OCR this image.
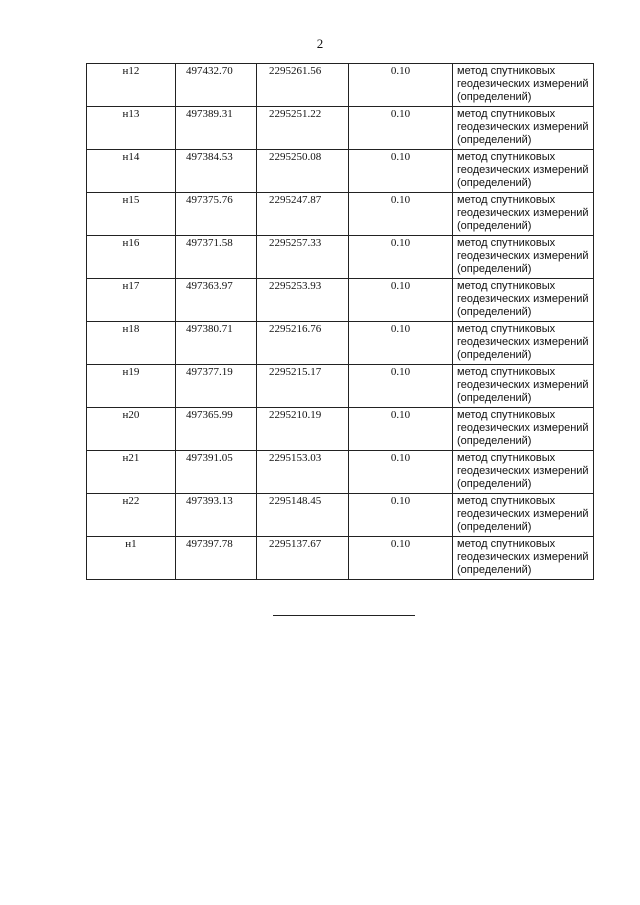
2
н12	497432.70	2295261.56	0.10	метод спутниковых геодезических измерений (определений)
н13	497389.31	2295251.22	0.10	метод спутниковых геодезических измерений (определений)
н14	497384.53	2295250.08	0.10	метод спутниковых геодезических измерений (определений)
н15	497375.76	2295247.87	0.10	метод спутниковых геодезических измерений (определений)
н16	497371.58	2295257.33	0.10	метод спутниковых геодезических измерений (определений)
н17	497363.97	2295253.93	0.10	метод спутниковых геодезических измерений (определений)
н18	497380.71	2295216.76	0.10	метод спутниковых геодезических измерений (определений)
н19	497377.19	2295215.17	0.10	метод спутниковых геодезических измерений (определений)
н20	497365.99	2295210.19	0.10	метод спутниковых геодезических измерений (определений)
н21	497391.05	2295153.03	0.10	метод спутниковых геодезических измерений (определений)
н22	497393.13	2295148.45	0.10	метод спутниковых геодезических измерений (определений)
н1	497397.78	2295137.67	0.10	метод спутниковых геодезических измерений (определений)
